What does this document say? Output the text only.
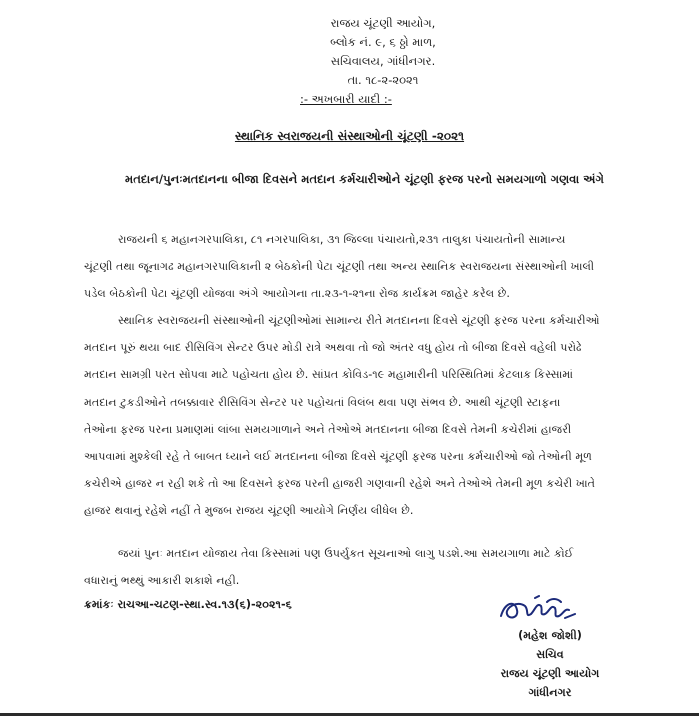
રાજય ચૂંટણી આયોગ,
બ્લોક નં. ૯, ૬ ઠ્ઠો માળ,
સચિવાલય, ગાંધીનગર.
તા. ૧૮-૨-૨૦૨૧
:- અખબારી યાદી :-
સ્થાનિક સ્વરાજયની સંસ્થાઓની ચૂંટણી -૨૦૨૧
મતદાન/પુનઃમતદાનના બીજા દિવસને મતદાન કર્મચારીઓને ચૂંટણી ફરજ પરનો સમયગાળો ગણવા અંગે
રાજયની ૬ મહાનગરપાલિકા, ૮૧ નગરપાલિકા, ૩૧ જિલ્લા પંચાયતો,૨૩૧ તાલુકા પંચાયતોની સામાન્ય
ચૂંટણી તથા જૂનાગઢ મહાનગરપાલિકાની ૨ બેઠકોની પેટા ચૂંટણી તથા અન્ય સ્થાનિક સ્વરાજયના સંસ્થાઓની ખાલી
પડેલ બેઠકોની પેટા ચૂંટણી યોજવા અંગે આયોગના તા.૨૩-૧-૨૧ના રોજ કાર્યક્રમ જાહેર કરેલ છે.
સ્થાનિક સ્વરાજયની સંસ્થાઓની ચૂંટણીઓમાં સામાન્ય રીતે મતદાનના દિવસે ચૂંટણી ફરજ પરના કર્મચારીઓ
મતદાન પૂરું થયા બાદ રીસિવિંગ સેન્ટર ઉપર મોડી રાત્રે અથવા તો જો અંતર વધુ હોય તો બીજા દિવસે વહેલી પરોઢે
મતદાન સામગ્રી પરત સોપવા માટે પહોચતા હોય છે. સાંપ્રત કોવિડ-૧૯ મહામારીની પરિસ્થિતિમાં કેટલાક કિસ્સામાં
મતદાન ટુકડીઓને તબક્કાવાર રીસિવિંગ સેન્ટર પર પહોચતાં વિલંબ થવા પણ સંભવ છે. આથી ચૂંટણી સ્ટાફના
તેઓના ફરજ પરના પ્રમાણમાં લાંબા સમયગાળાને અને તેઓએ મતદાનના બીજા દિવસે તેમની કચેરીમાં હાજરી
આપવામાં મુશ્કેલી રહે તે બાબત ધ્યાને લઈ મતદાનના બીજા દિવસે ચૂંટણી ફરજ પરના કર્મચારીઓ જો તેઓની મૂળ
કચેરીએ હાજર ન રહી શકે તો આ દિવસને ફરજ પરની હાજરી ગણવાની રહેશે અને તેઓએ તેમની મૂળ કચેરી ખાતે
હાજર થવાનું રહેશે નહીં તે મુજબ રાજય ચૂંટણી આયોગે નિર્ણય લીધેલ છે.
જયાં પુનઃ મતદાન યોજાય તેવા કિસ્સામાં પણ ઉપર્યુકત સૂચનાઓ લાગુ પડશે.આ સમયગાળા માટે કોઈ
વધારાનું ભથ્થું આકારી શકાશે નહી.
ક્રમાંકઃ રાચઆ-ચટણ-સ્થા.સ્વ.૧૩(૬)-૨૦૨૧-૬
(મહેશ જોશી)
સચિવ
રાજય ચૂંટણી આયોગ
ગાંધીનગર
